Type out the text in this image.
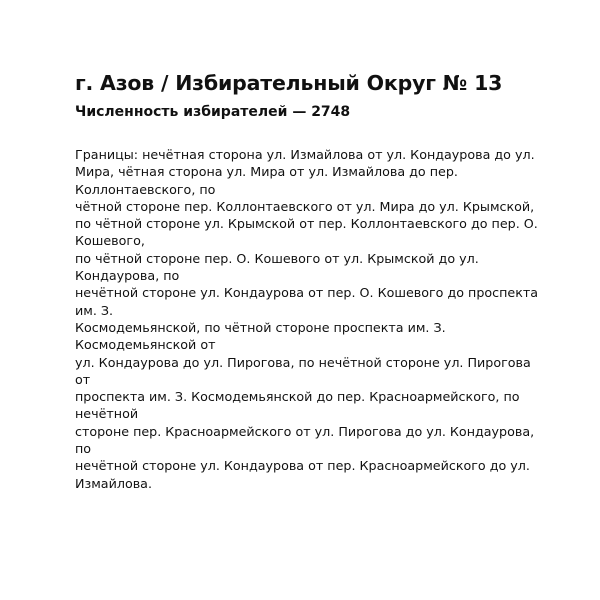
г. Азов / Избирательный Округ № 13
Численность избирателей — 2748
Границы: нечётная сторона ул. Измайлова от ул. Кондаурова до ул.
Мира, чётная сторона ул. Мира от ул. Измайлова до пер.
Коллонтаевского, по
чётной стороне пер. Коллонтаевского от ул. Мира до ул. Крымской,
по чётной стороне ул. Крымской от пер. Коллонтаевского до пер. О.
Кошевого,
по чётной стороне пер. О. Кошевого от ул. Крымской до ул.
Кондаурова, по
нечётной стороне ул. Кондаурова от пер. О. Кошевого до проспекта
им. З.
Космодемьянской, по чётной стороне проспекта им. З.
Космодемьянской от
ул. Кондаурова до ул. Пирогова, по нечётной стороне ул. Пирогова
от
проспекта им. З. Космодемьянской до пер. Красноармейского, по
нечётной
стороне пер. Красноармейского от ул. Пирогова до ул. Кондаурова,
по
нечётной стороне ул. Кондаурова от пер. Красноармейского до ул.
Измайлова.
